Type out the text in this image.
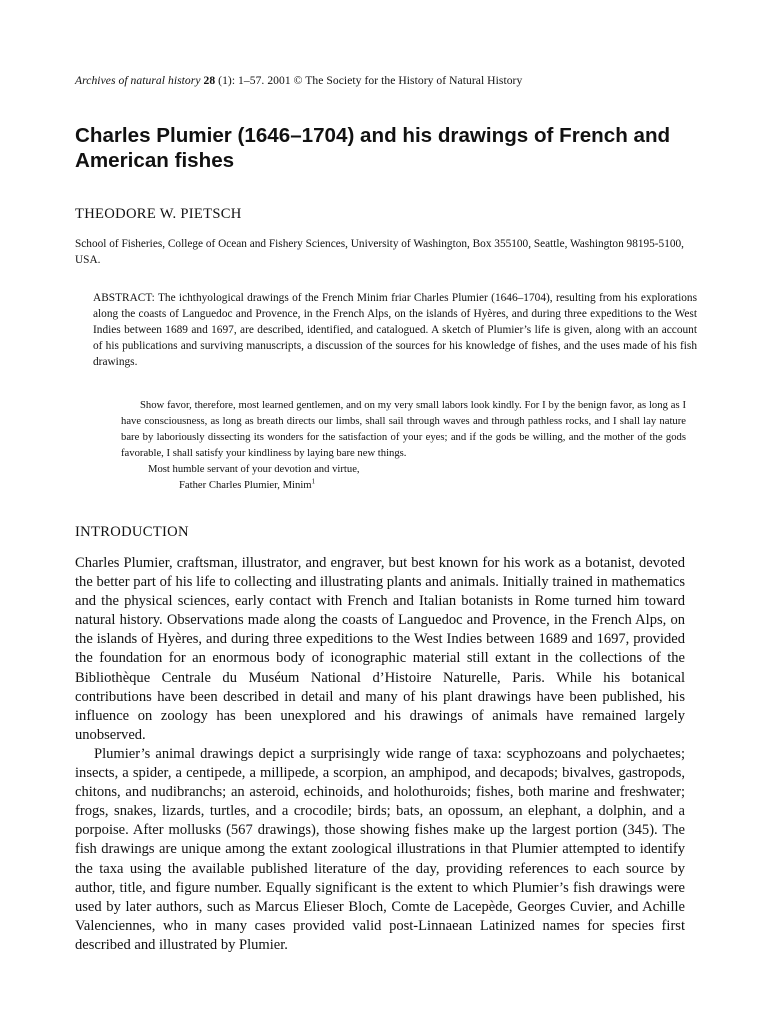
Archives of natural history 28 (1): 1–57. 2001 © The Society for the History of Natural History
Charles Plumier (1646–1704) and his drawings of French and American fishes

THEODORE W. PIETSCH

School of Fisheries, College of Ocean and Fishery Sciences, University of Washington, Box 355100, Seattle, Washington 98195-5100, USA.

ABSTRACT: The ichthyological drawings of the French Minim friar Charles Plumier (1646–1704), resulting from his explorations along the coasts of Languedoc and Provence, in the French Alps, on the islands of Hyères, and during three expeditions to the West Indies between 1689 and 1697, are described, identified, and catalogued. A sketch of Plumier’s life is given, along with an account of his publications and surviving manuscripts, a discussion of the sources for his knowledge of fishes, and the uses made of his fish drawings.

Show favor, therefore, most learned gentlemen, and on my very small labors look kindly. For I by the benign favor, as long as I have consciousness, as long as breath directs our limbs, shall sail through waves and through pathless rocks, and I shall lay nature bare by laboriously dissecting its wonders for the satisfaction of your eyes; and if the gods be willing, and the mother of the gods favorable, I shall satisfy your kindliness by laying bare new things.

Most humble servant of your devotion and virtue,

Father Charles Plumier, Minim$^1$

INTRODUCTION

Charles Plumier, craftsman, illustrator, and engraver, but best known for his work as a botanist, devoted the better part of his life to collecting and illustrating plants and animals. Initially trained in mathematics and the physical sciences, early contact with French and Italian botanists in Rome turned him toward natural history. Observations made along the coasts of Languedoc and Provence, in the French Alps, on the islands of Hyères, and during three expeditions to the West Indies between 1689 and 1697, provided the foundation for an enormous body of iconographic material still extant in the collections of the Bibliothèque Centrale du Muséum National d’Histoire Naturelle, Paris. While his botanical contributions have been described in detail and many of his plant drawings have been published, his influence on zoology has been unexplored and his drawings of animals have remained largely unobserved.

Plumier’s animal drawings depict a surprisingly wide range of taxa: scyphozoans and polychaetes; insects, a spider, a centipede, a millipede, a scorpion, an amphipod, and decapods; bivalves, gastropods, chitons, and nudibranchs; an asteroid, echinoids, and holothuroids; fishes, both marine and freshwater; frogs, snakes, lizards, turtles, and a crocodile; birds; bats, an opossum, an elephant, a dolphin, and a porpoise. After mollusks (567 drawings), those showing fishes make up the largest portion (345). The fish drawings are unique among the extant zoological illustrations in that Plumier attempted to identify the taxa using the available published literature of the day, providing references to each source by author, title, and figure number. Equally significant is the extent to which Plumier’s fish drawings were used by later authors, such as Marcus Elieser Bloch, Comte de Lacepède, Georges Cuvier, and Achille Valenciennes, who in many cases provided valid post-Linnaean Latinized names for species first described and illustrated by Plumier.
